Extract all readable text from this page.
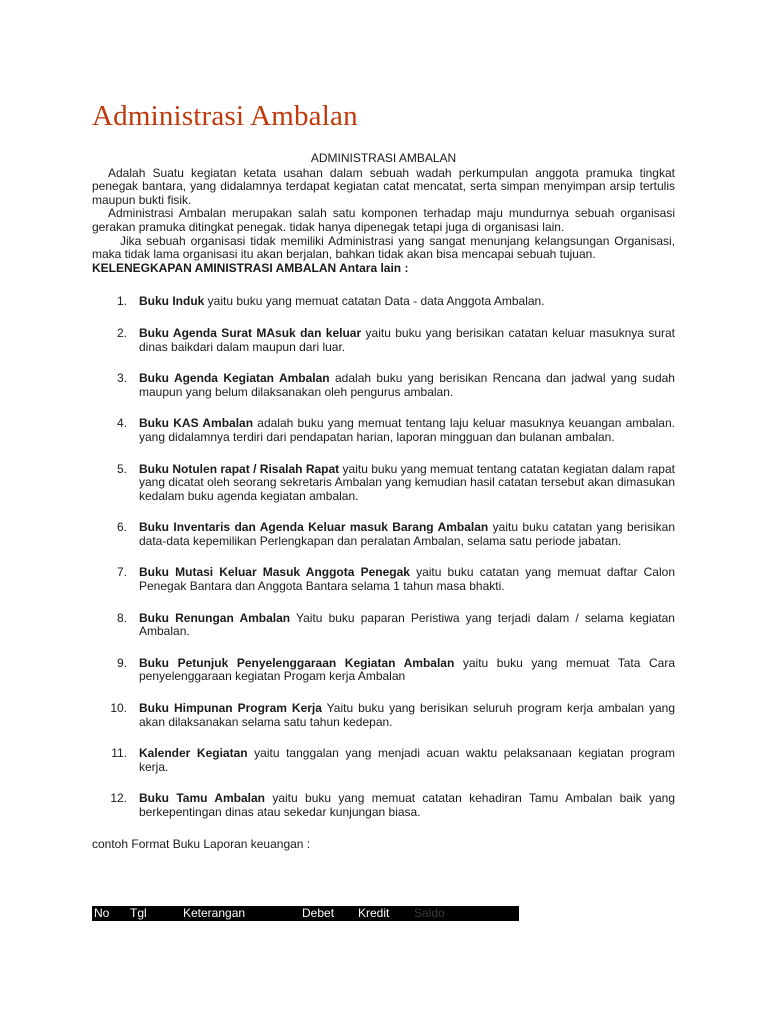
Administrasi Ambalan

ADMINISTRASI AMBALAN

Adalah Suatu kegiatan ketata usahan dalam sebuah wadah perkumpulan anggota pramuka tingkat penegak bantara, yang didalamnya terdapat kegiatan catat mencatat, serta simpan menyimpan arsip tertulis maupun bukti fisik.

Administrasi Ambalan merupakan salah satu komponen terhadap maju mundurnya sebuah organisasi gerakan pramuka ditingkat penegak. tidak hanya dipenegak tetapi juga di organisasi lain.

Jika sebuah organisasi tidak memiliki Administrasi yang sangat menunjang kelangsungan Organisasi, maka tidak lama organisasi itu akan berjalan, bahkan tidak akan bisa mencapai sebuah tujuan.

KELENEGKAPAN AMINISTRASI AMBALAN Antara lain :

1. Buku Induk yaitu buku yang memuat catatan Data - data Anggota Ambalan.
2. Buku Agenda Surat MAsuk dan keluar yaitu buku yang berisikan catatan keluar masuknya surat dinas baikdari dalam maupun dari luar.
3. Buku Agenda Kegiatan Ambalan adalah buku yang berisikan Rencana dan jadwal yang sudah maupun yang belum dilaksanakan oleh pengurus ambalan.
4. Buku KAS Ambalan adalah buku yang memuat tentang laju keluar masuknya keuangan ambalan. yang didalamnya terdiri dari pendapatan harian, laporan mingguan dan bulanan ambalan.
5. Buku Notulen rapat / Risalah Rapat yaitu buku yang memuat tentang catatan kegiatan dalam rapat yang dicatat oleh seorang sekretaris Ambalan yang kemudian hasil catatan tersebut akan dimasukan kedalam buku agenda kegiatan ambalan.
6. Buku Inventaris dan Agenda Keluar masuk Barang Ambalan yaitu buku catatan yang berisikan data-data kepemilikan Perlengkapan dan peralatan Ambalan, selama satu periode jabatan.
7. Buku Mutasi Keluar Masuk Anggota Penegak yaitu buku catatan yang memuat daftar Calon Penegak Bantara dan Anggota Bantara selama 1 tahun masa bhakti.
8. Buku Renungan Ambalan Yaitu buku paparan Peristiwa yang terjadi dalam / selama kegiatan Ambalan.
9. Buku Petunjuk Penyelenggaraan Kegiatan Ambalan yaitu buku yang memuat Tata Cara penyelenggaraan kegiatan Progam kerja Ambalan
10. Buku Himpunan Program Kerja Yaitu buku yang berisikan seluruh program kerja ambalan yang akan dilaksanakan selama satu tahun kedepan.
11. Kalender Kegiatan yaitu tanggalan yang menjadi acuan waktu pelaksanaan kegiatan program kerja.
12. Buku Tamu Ambalan yaitu buku yang memuat catatan kehadiran Tamu Ambalan baik yang berkepentingan dinas atau sekedar kunjungan biasa.

contoh Format Buku Laporan keuangan :

No Tgl	Keterangan	Debet Kredit Saldo
